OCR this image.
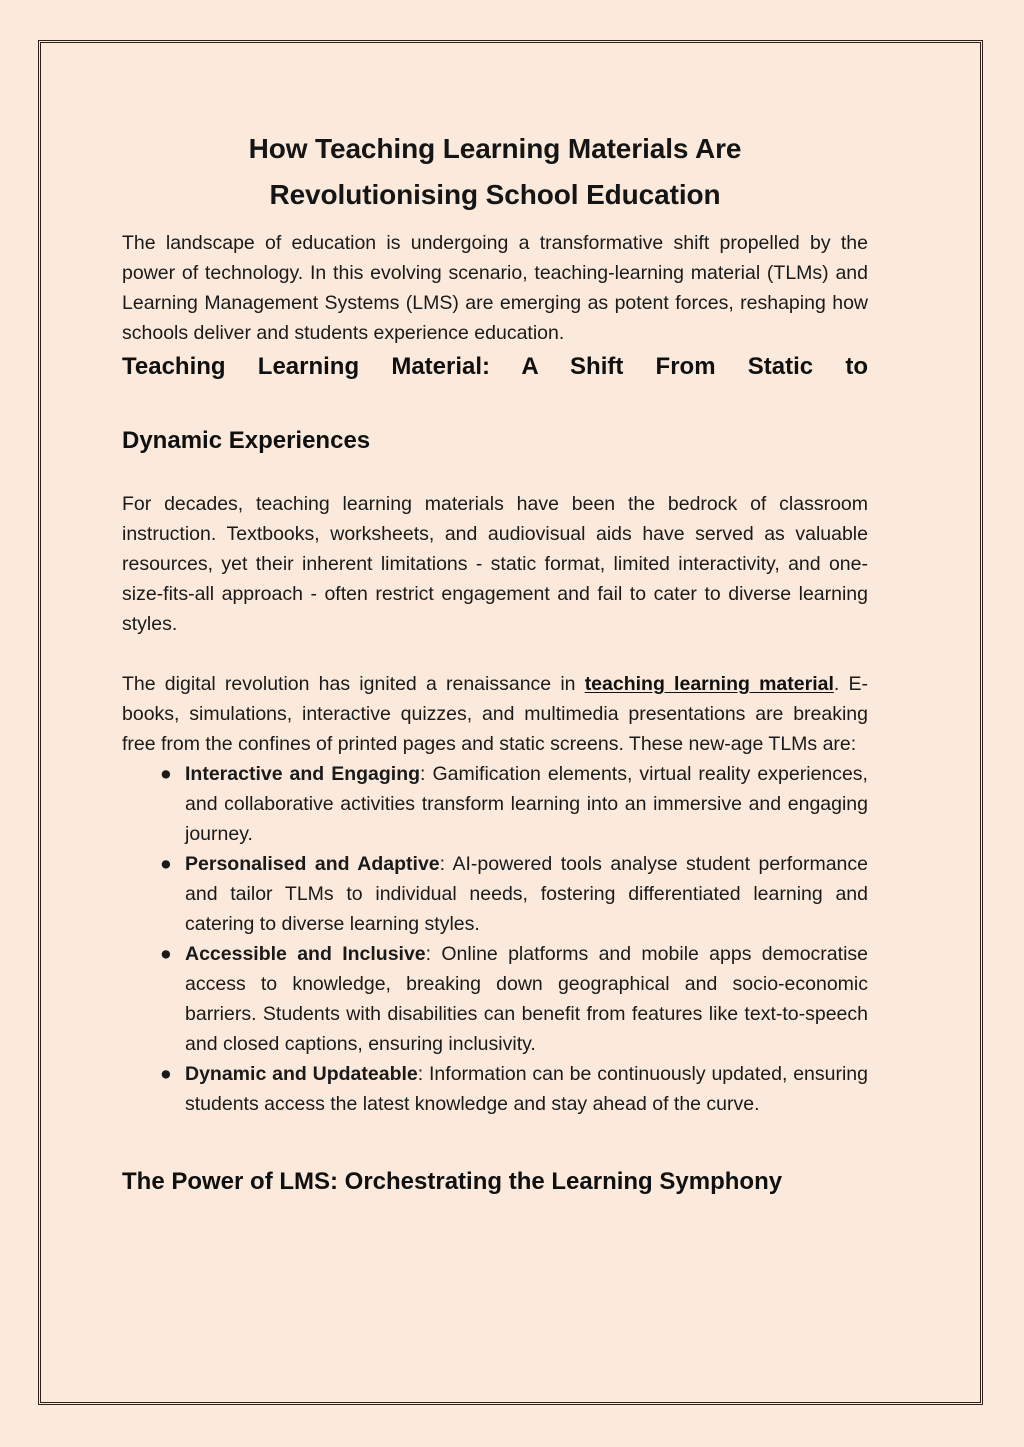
How Teaching Learning Materials Are
Revolutionising School Education

The landscape of education is undergoing a transformative shift propelled by the power of technology. In this evolving scenario, teaching-learning material (TLMs) and Learning Management Systems (LMS) are emerging as potent forces, reshaping how schools deliver and students experience education.

Teaching Learning Material: A Shift From Static to
Dynamic Experiences

For decades, teaching learning materials have been the bedrock of classroom instruction. Textbooks, worksheets, and audiovisual aids have served as valuable resources, yet their inherent limitations - static format, limited interactivity, and one-size-fits-all approach - often restrict engagement and fail to cater to diverse learning styles.

The digital revolution has ignited a renaissance in teaching learning material. E-books, simulations, interactive quizzes, and multimedia presentations are breaking free from the confines of printed pages and static screens. These new-age TLMs are:

● Interactive and Engaging: Gamification elements, virtual reality experiences, and collaborative activities transform learning into an immersive and engaging journey.
● Personalised and Adaptive: AI-powered tools analyse student performance and tailor TLMs to individual needs, fostering differentiated learning and catering to diverse learning styles.
● Accessible and Inclusive: Online platforms and mobile apps democratise access to knowledge, breaking down geographical and socio-economic barriers. Students with disabilities can benefit from features like text-to-speech and closed captions, ensuring inclusivity.
● Dynamic and Updateable: Information can be continuously updated, ensuring students access the latest knowledge and stay ahead of the curve.
The Power of LMS: Orchestrating the Learning Symphony
